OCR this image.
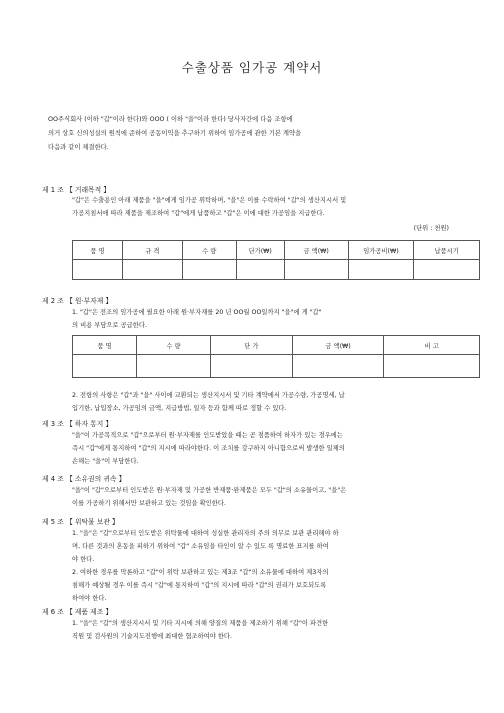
수출상품 임가공 계약서
OO주식회사 (이하 "갑"이라 한다)와 OOO ( 이하 "을"이라 한다) 당사자간에 다음 조항에
의거 상호 신의성실의 원칙에 준하여 공동이익을 추구하기 위하여 임가공에 관한 기본 계약을
다음과 같이 체결한다.
제 1 조 【 거래목적 】
"갑"은 수출용인 아래 제품을 "을"에게 임가공 위탁하며, "을"은 이를 수락하여 "갑"의 생산지시서 및
가공지침서에 따라 제품을 제조하여 "갑"에게 납품하고 "갑"은 이에 대한 가공임을 지급한다.
(단위 : 천원)
품 명	규 격	수 량	단가(₩)	금 액(₩)	임가공비(₩)	납품시기

제 2 조 【 원·부자재 】
1. "갑"은 전조의 임가공에 필요한 아래 원·부자재를 20 년 OO월 OO일까지 "을"에 게 "갑"
의 비용 부담으로 공급한다.
품 명	수 량	단 가	금 액(₩)	비 고

2. 전항의 사항은 "갑"과 "을" 사이에 교환되는 생산지시서 및 기타 계약에서 가공수량, 가공명세, 납
입기한, 납입장소, 가공임의 금액, 지급방법, 일자 등과 함께 따로 정할 수 있다.
제 3 조 【 하자 통지 】
"을"이 가공목적으로 "갑"으로부터 원·부자재를 인도받았을 때는 곧 점품하여 하자가 있는 경우에는
즉시 "갑"에게 통지하여 "갑"의 지시에 따라야한다. 이 조치를 강구하지 아니함으로써 발생한 일체의
손해는 "을"이 부담한다.
제 4 조 【 소유권의 귀속 】
"을"이 "갑"으로부터 인도받은 원·부자재 및 가공한 반제품·완제품은 모두 "갑"의 소유물이고, "을"은
이를 가공하기 위해서만 보관하고 있는 것임을 확인한다.
제 5 조 【 위탁물 보관 】
1. "을"은 "갑"으로부터 인도받은 위탁물에 대하여 성실한 관리자의 주의 의무로 보관 관리해야 하
며, 다른 것과의 혼동을 피하기 위하여 "갑" 소유임을 타인이 알 수 있도 록 명료한 표지를 하여
야 한다.
2. 여하한 경우를 막론하고 "갑"이 위탁 보관하고 있는 제3조 "갑"의 소유물에 대하여 제3자의
침해가 예상될 경우 이를 즉시 "갑"에 통지하여 "갑"의 지시에 따라 "갑"의 권리가 보호되도록
하여야 한다.
제 6 조 【 제품 제조 】
1. "을"은 "갑"의 생산지시서 및 기타 지시에 의해 양질의 제품을 제조하기 위해 "갑"이 파견한
직원 및 검사원의 기술지도진행에 최대한 협조하여야 한다.
